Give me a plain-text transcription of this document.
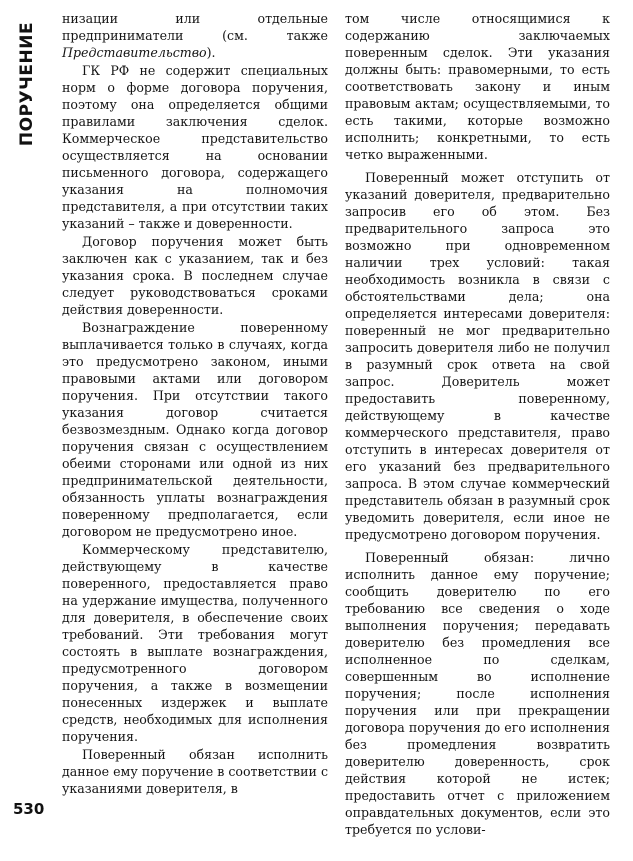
ПОРУЧЕНИЕ
530

низации или отдельные предприниматели (см. также Представительство).

ГК РФ не содержит специальных норм о форме договора поручения, поэтому она определяется общими правилами заключения сделок. Коммерческое представительство осуществляется на основании письменного договора, содержащего указания на полномочия представителя, а при отсутствии таких указаний – также и доверенности.

Договор поручения может быть заключен как с указанием, так и без указания срока. В последнем случае следует руководствоваться сроками действия доверенности.

Вознаграждение поверенному выплачивается только в случаях, когда это предусмотрено законом, иными правовыми актами или договором поручения. При отсутствии такого указания договор считается безвозмездным. Однако когда договор поручения связан с осуществлением обеими сторонами или одной из них предпринимательской деятельности, обязанность уплаты вознаграждения поверенному предполагается, если договором не предусмотрено иное.

Коммерческому представителю, действующему в качестве поверенного, предоставляется право на удержание имущества, полученного для доверителя, в обеспечение своих требований. Эти требования могут состоять в выплате вознаграждения, предусмотренного договором поручения, а также в возмещении понесенных издержек и выплате средств, необходимых для исполнения поручения.

Поверенный обязан исполнить данное ему поручение в соответствии с указаниями доверителя, в

том числе относящимися к содержанию заключаемых поверенным сделок. Эти указания должны быть: правомерными, то есть соответствовать закону и иным правовым актам; осуществляемыми, то есть такими, которые возможно исполнить; конкретными, то есть четко выраженными.

Поверенный может отступить от указаний доверителя, предварительно запросив его об этом. Без предварительного запроса это возможно при одновременном наличии трех условий: такая необходимость возникла в связи с обстоятельствами дела; она определяется интересами доверителя: поверенный не мог предварительно запросить доверителя либо не получил в разумный срок ответа на свой запрос. Доверитель может предоставить поверенному, действующему в качестве коммерческого представителя, право отступить в интересах доверителя от его указаний без предварительного запроса. В этом случае коммерческий представитель обязан в разумный срок уведомить доверителя, если иное не предусмотрено договором поручения.

Поверенный обязан: лично исполнить данное ему поручение; сообщить доверителю по его требованию все сведения о ходе выполнения поручения; передавать доверителю без промедления все исполненное по сделкам, совершенным во исполнение поручения; после исполнения поручения или при прекращении договора поручения до его исполнения без промедления возвратить доверителю доверенность, срок действия которой не истек; предоставить отчет с приложением оправдательных документов, если это требуется по услови-
